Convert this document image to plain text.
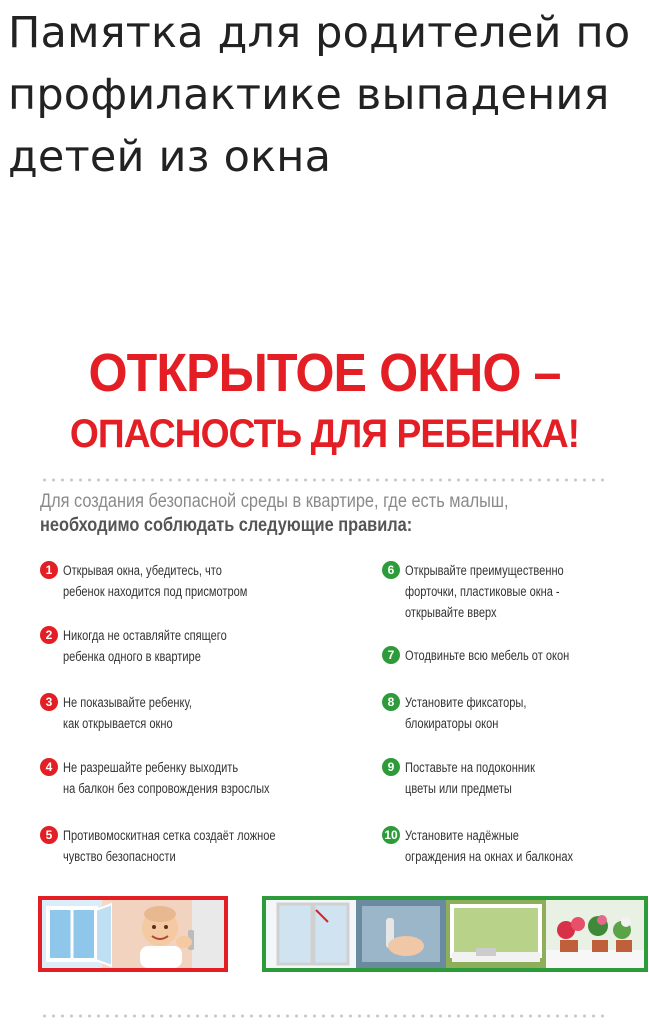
Памятка для родителей по профилактике выпадения детей из окна
ОТКРЫТОЕ ОКНО –
ОПАСНОСТЬ ДЛЯ РЕБЕНКА!
Для создания безопасной среды в квартире, где есть малыш,
необходимо соблюдать следующие правила:
1 Открывая окна, убедитесь, что
ребенок находится под присмотром
2 Никогда не оставляйте спящего
ребенка одного в квартире
3 Не показывайте ребенку,
как открывается окно
4 Не разрешайте ребенку выходить
на балкон без сопровождения взрослых
5 Противомоскитная сетка создаёт ложное
чувство безопасности
6 Открывайте преимущественно
форточки, пластиковые окна -
открывайте вверх
7 Отодвиньте всю мебель от окон
8 Установите фиксаторы,
блокираторы окон
9 Поставьте на подоконник
цветы или предметы
10 Установите надёжные
ограждения на окнах и балконах
